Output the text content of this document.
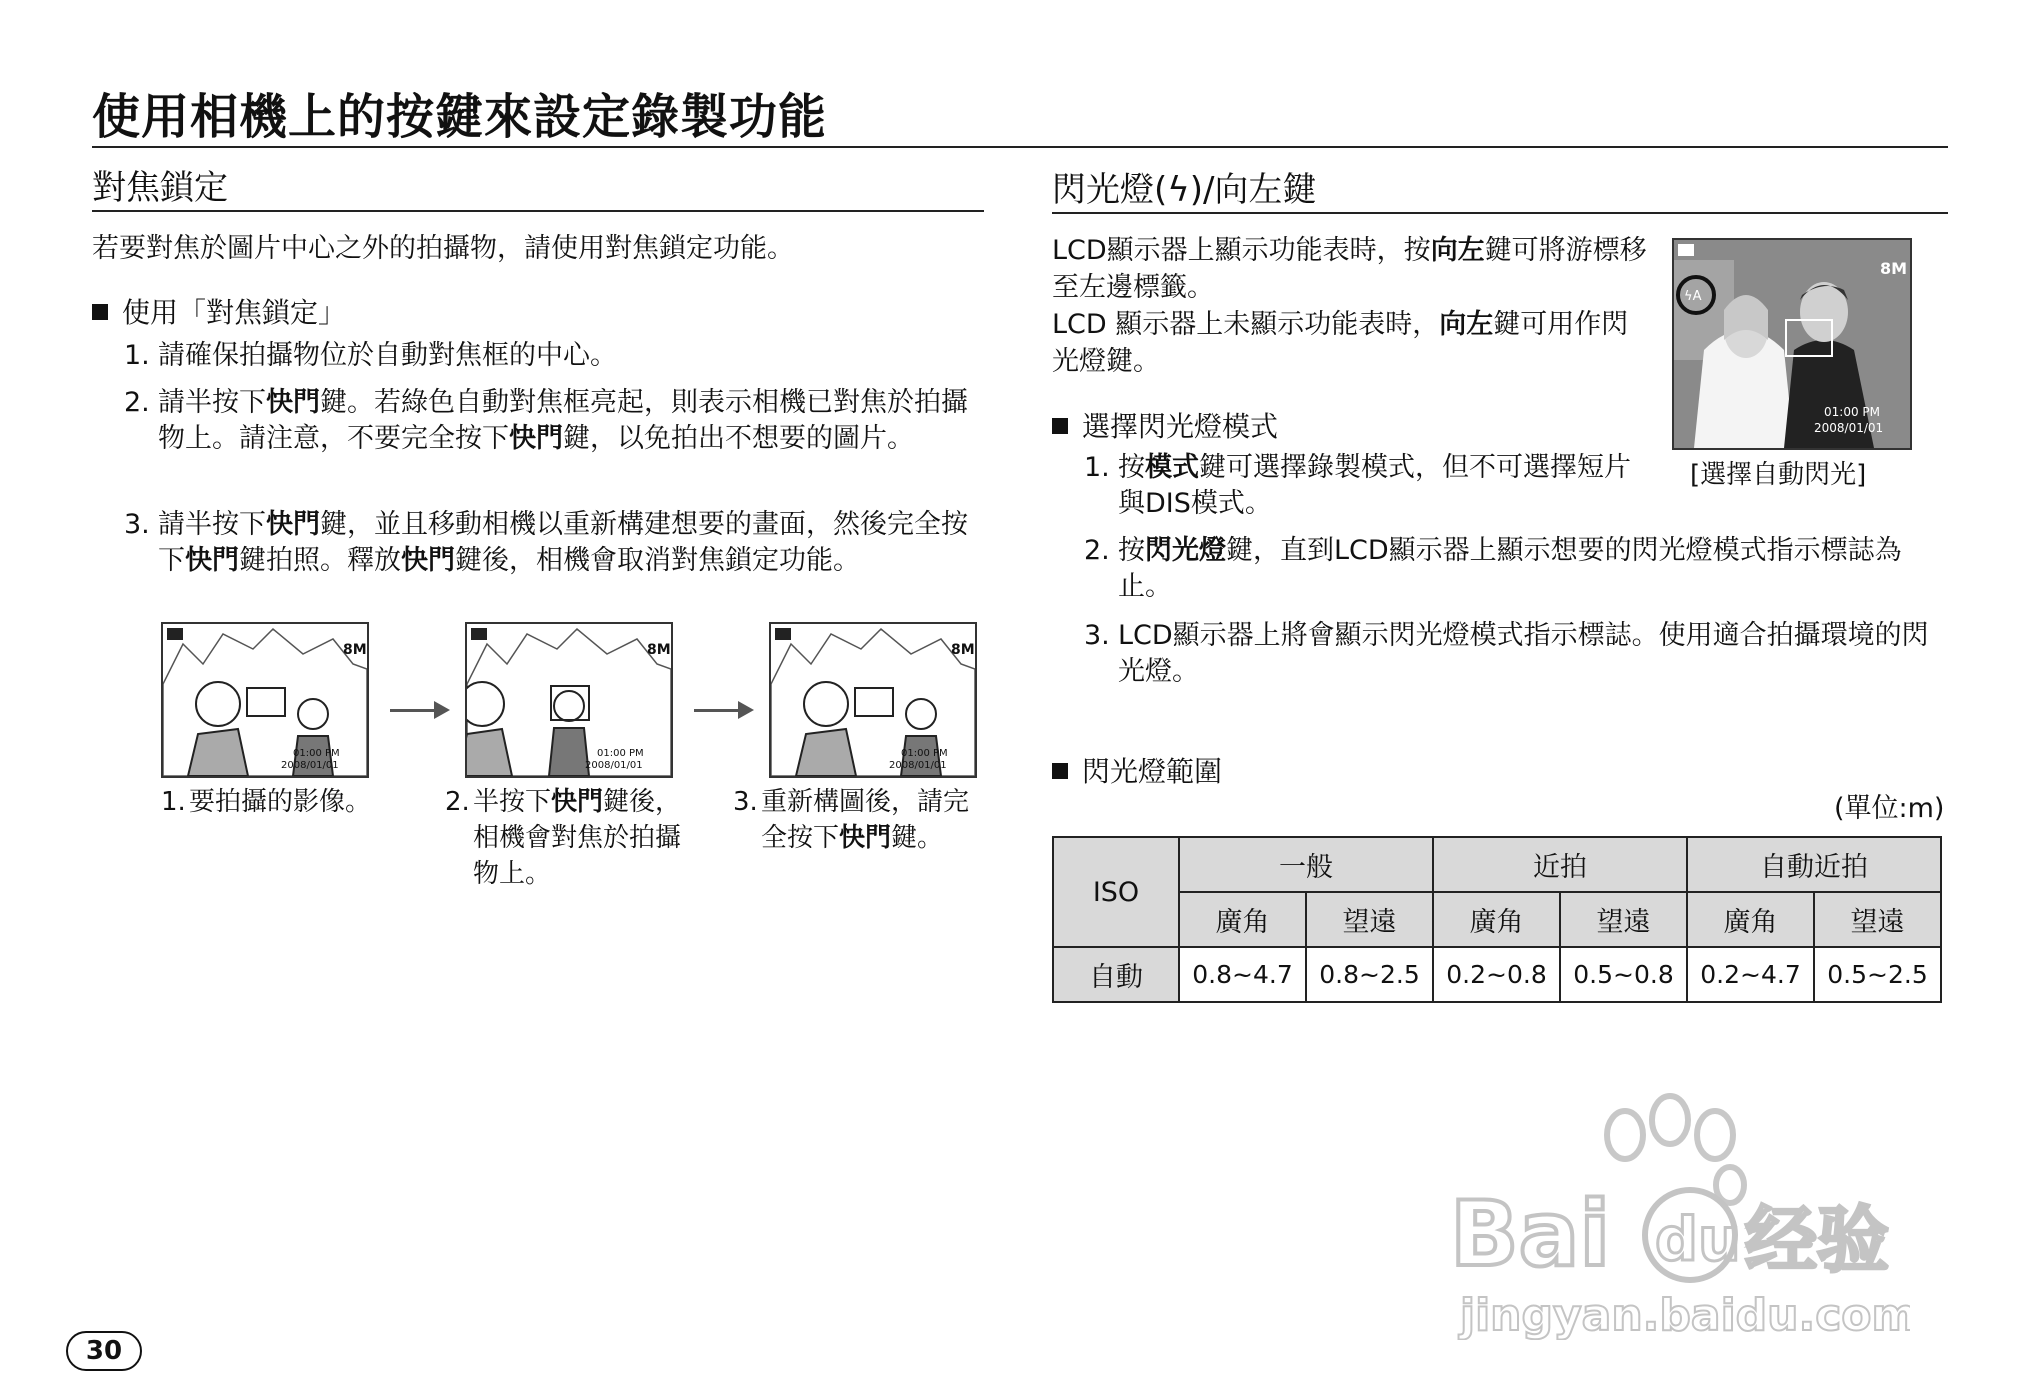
使用相機上的按鍵來設定錄製功能
對焦鎖定
若要對焦於圖片中心之外的拍攝物，請使用對焦鎖定功能。
使用「對焦鎖定」
1. 請確保拍攝物位於自動對焦框的中心。
2. 請半按下快門鍵。若綠色自動對焦框亮起，則表示相機已對焦於拍攝物上。請注意，不要完全按下快門鍵，以免拍出不想要的圖片。
3. 請半按下快門鍵，並且移動相機以重新構建想要的畫面，然後完全按下快門鍵拍照。釋放快門鍵後，相機會取消對焦鎖定功能。
8M
01:00 PM
2008/01/01
8M
01:00 PM
2008/01/01
8M
01:00 PM
2008/01/01
1. 要拍攝的影像。	2. 半按下快門鍵後，相機會對焦於拍攝物上。
3. 重新構圖後，請完全按下快門鍵。
閃光燈(ϟ)/向左鍵
LCD顯示器上顯示功能表時，按向左鍵可將游標移至左邊標籤。
LCD 顯示器上未顯示功能表時，向左鍵可用作閃光燈鍵。
ϟA
8M
01:00 PM
2008/01/01
[選擇自動閃光]
選擇閃光燈模式
1. 按模式鍵可選擇錄製模式，但不可選擇短片與DIS模式。
2. 按閃光燈鍵，直到LCD顯示器上顯示想要的閃光燈模式指示標誌為止。
3. LCD顯示器上將會顯示閃光燈模式指示標誌。使用適合拍攝環境的閃光燈。
閃光燈範圍
(單位:m)
ISO	一般		近拍		自動近拍	
	廣角	望遠	廣角	望遠	廣角	望遠
自動	0.8~4.7	0.8~2.5	0.2~0.8	0.5~0.8	0.2~4.7	0.5~2.5
Bai du 经验
jingyan.baidu.com
30
